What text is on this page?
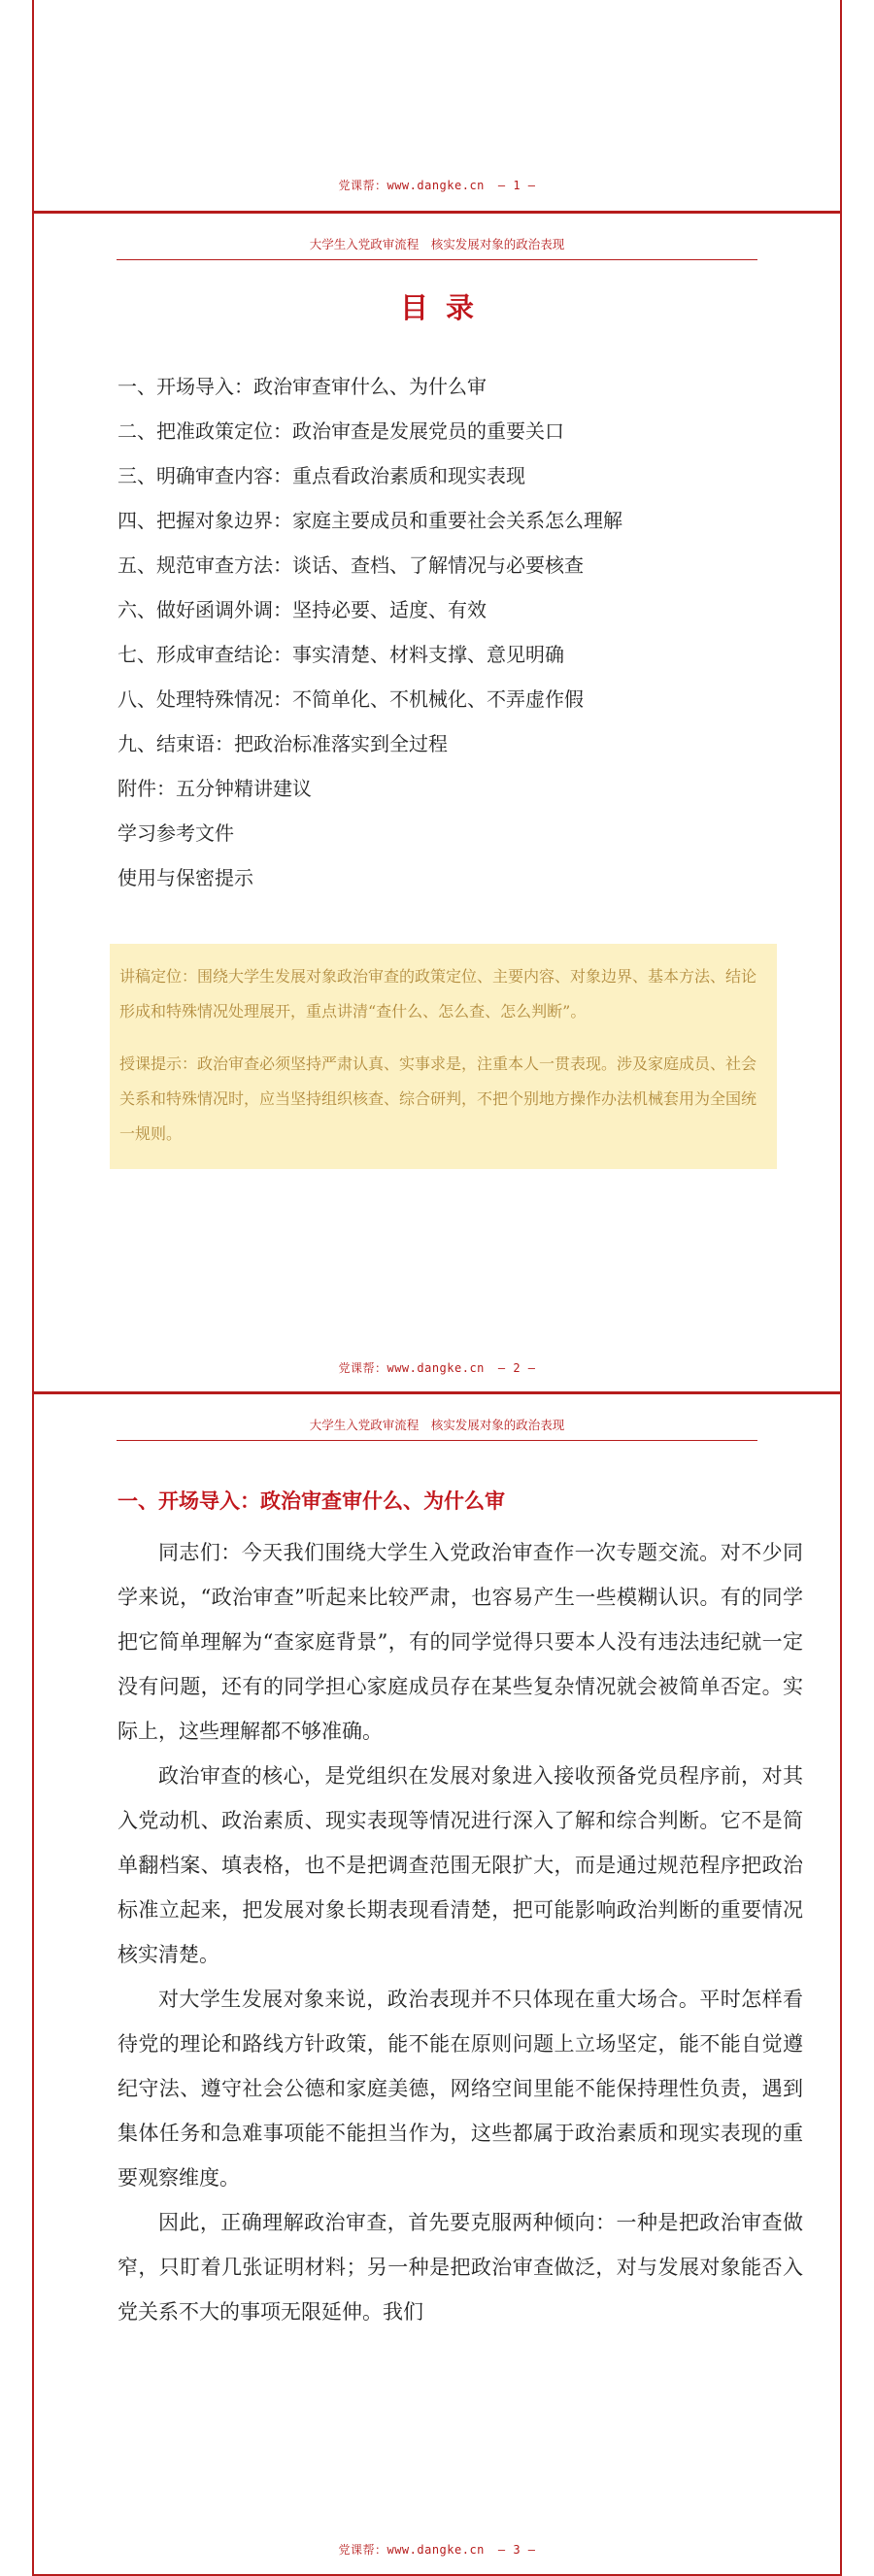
党课帮：www.dangke.cn — 1 —
大学生入党政审流程　核实发展对象的政治表现
目录
一、开场导入：政治审查审什么、为什么审
二、把准政策定位：政治审查是发展党员的重要关口
三、明确审查内容：重点看政治素质和现实表现
四、把握对象边界：家庭主要成员和重要社会关系怎么理解
五、规范审查方法：谈话、查档、了解情况与必要核查
六、做好函调外调：坚持必要、适度、有效
七、形成审查结论：事实清楚、材料支撑、意见明确
八、处理特殊情况：不简单化、不机械化、不弄虚作假
九、结束语：把政治标准落实到全过程
附件：五分钟精讲建议
学习参考文件
使用与保密提示

讲稿定位：围绕大学生发展对象政治审查的政策定位、主要内容、对象边界、基本方法、结论形成和特殊情况处理展开，重点讲清“查什么、怎么查、怎么判断”。

授课提示：政治审查必须坚持严肃认真、实事求是，注重本人一贯表现。涉及家庭成员、社会关系和特殊情况时，应当坚持组织核查、综合研判，不把个别地方操作办法机械套用为全国统一规则。

党课帮：www.dangke.cn — 2 —
大学生入党政审流程　核实发展对象的政治表现
一、开场导入：政治审查审什么、为什么审

同志们：今天我们围绕大学生入党政治审查作一次专题交流。对不少同学来说，“政治审查”听起来比较严肃，也容易产生一些模糊认识。有的同学把它简单理解为“查家庭背景”，有的同学觉得只要本人没有违法违纪就一定没有问题，还有的同学担心家庭成员存在某些复杂情况就会被简单否定。实际上，这些理解都不够准确。

政治审查的核心，是党组织在发展对象进入接收预备党员程序前，对其入党动机、政治素质、现实表现等情况进行深入了解和综合判断。它不是简单翻档案、填表格，也不是把调查范围无限扩大，而是通过规范程序把政治标准立起来，把发展对象长期表现看清楚，把可能影响政治判断的重要情况核实清楚。

对大学生发展对象来说，政治表现并不只体现在重大场合。平时怎样看待党的理论和路线方针政策，能不能在原则问题上立场坚定，能不能自觉遵纪守法、遵守社会公德和家庭美德，网络空间里能不能保持理性负责，遇到集体任务和急难事项能不能担当作为，这些都属于政治素质和现实表现的重要观察维度。

因此，正确理解政治审查，首先要克服两种倾向：一种是把政治审查做窄，只盯着几张证明材料；另一种是把政治审查做泛，对与发展对象能否入党关系不大的事项无限延伸。我们

党课帮：www.dangke.cn — 3 —
